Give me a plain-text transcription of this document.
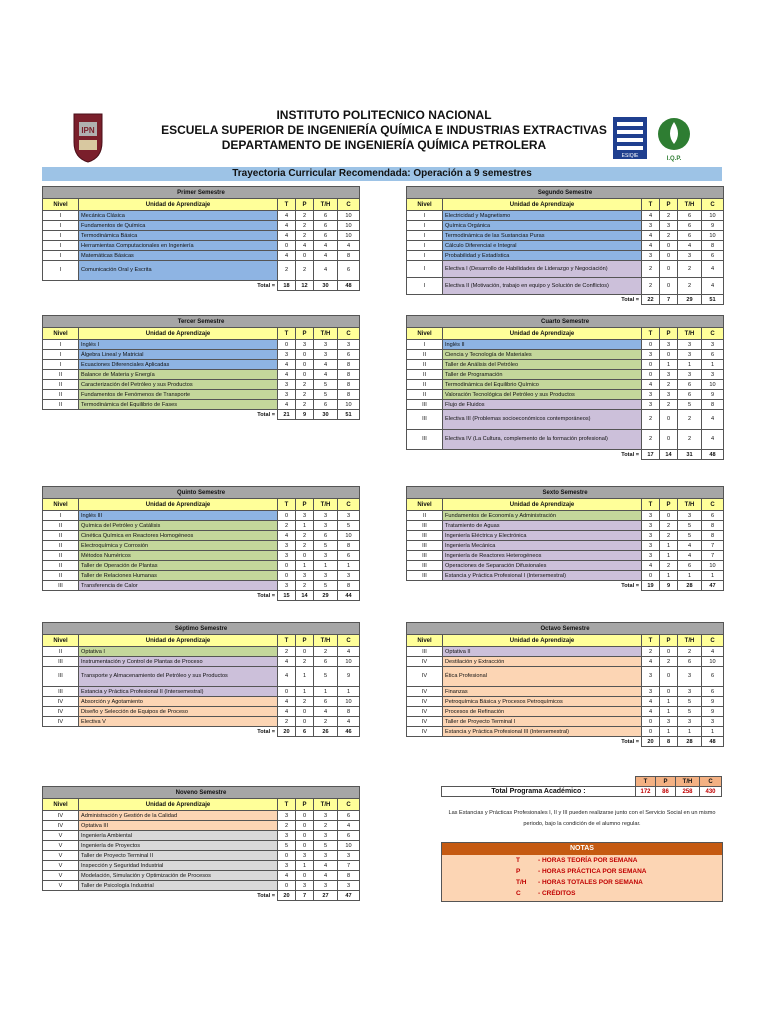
IPN
ESIQIE	I.Q.P.
INSTITUTO POLITECNICO NACIONAL
ESCUELA SUPERIOR DE INGENIERÍA QUÍMICA E INDUSTRIAS EXTRACTIVAS
DEPARTAMENTO DE INGENIERÍA QUÍMICA PETROLERA
Trayectoria Curricular Recomendada: Operación a 9 semestres
Primer Semestre					
Nivel	Unidad de Aprendizaje	T	P	T/H	C
I	Mecánica Clásica	4	2	6	10
I	Fundamentos de Química	4	2	6	10
I	Termodinámica Básica	4	2	6	10
I	Herramientas Computacionales en Ingeniería	0	4	4	4
I	Matemáticas Básicas	4	0	4	8
I	Comunicación Oral y Escrita	2	2	4	6
	Total =	18	12	30	48
Segundo Semestre					
Nivel	Unidad de Aprendizaje	T	P	T/H	C
I	Electricidad y Magnetismo	4	2	6	10
I	Química Orgánica	3	3	6	9
I	Termodinámica de las Sustancias Puras	4	2	6	10
I	Cálculo Diferencial e Integral	4	0	4	8
I	Probabilidad y Estadística	3	0	3	6
I	Electiva I (Desarrollo de Habilidades de Liderazgo y Negociación)	2	0	2	4
I	Electiva II (Motivación, trabajo en equipo y Solución de Conflictos)	2	0	2	4
	Total =	22	7	29	51
Tercer Semestre					
Nivel	Unidad de Aprendizaje	T	P	T/H	C
I	Inglés I	0	3	3	3
I	Álgebra Lineal y Matricial	3	0	3	6
I	Ecuaciones Diferenciales Aplicadas	4	0	4	8
II	Balance de Materia y Energía	4	0	4	8
II	Caracterización del Petróleo y sus Productos	3	2	5	8
II	Fundamentos de Fenómenos de Transporte	3	2	5	8
II	Termodinámica del Equilibrio de Fases	4	2	6	10
	Total =	21	9	30	51
Cuarto Semestre					
Nivel	Unidad de Aprendizaje	T	P	T/H	C
I	Inglés II	0	3	3	3
II	Ciencia y Tecnología de Materiales	3	0	3	6
II	Taller de Análisis del Petróleo	0	1	1	1
II	Taller de Programación	0	3	3	3
II	Termodinámica del Equilibrio Químico	4	2	6	10
II	Valoración Tecnológica del Petróleo y sus Productos	3	3	6	9
III	Flujo de Fluidos	3	2	5	8
III	Electiva III (Problemas socioeconómicos contemporáneos)	2	0	2	4
III	Electiva IV (La Cultura, complemento de la formación profesional)	2	0	2	4
	Total =	17	14	31	48
Quinto Semestre					
Nivel	Unidad de Aprendizaje	T	P	T/H	C
I	Inglés III	0	3	3	3
II	Química del Petróleo y Catálisis	2	1	3	5
II	Cinética Química en Reactores Homogéneos	4	2	6	10
II	Electroquímica y Corrosión	3	2	5	8
II	Métodos Numéricos	3	0	3	6
II	Taller de Operación de Plantas	0	1	1	1
II	Taller de Relaciones Humanas	0	3	3	3
III	Transferencia de Calor	3	2	5	8
	Total =	15	14	29	44
Sexto Semestre					
Nivel	Unidad de Aprendizaje	T	P	T/H	C
II	Fundamentos de Economía y Administración	3	0	3	6
III	Tratamiento de Aguas	3	2	5	8
III	Ingeniería Eléctrica y Electrónica	3	2	5	8
III	Ingeniería Mecánica	3	1	4	7
III	Ingeniería de Reactores Heterogéneos	3	1	4	7
III	Operaciones de Separación Difusionales	4	2	6	10
III	Estancia y Práctica Profesional I (Intersemestral)	0	1	1	1
	Total =	19	9	28	47
Séptimo Semestre					
Nivel	Unidad de Aprendizaje	T	P	T/H	C
II	Optativa I	2	0	2	4
III	Instrumentación y Control de Plantas de Proceso	4	2	6	10
III	Transporte y Almacenamiento del Petróleo y sus Productos	4	1	5	9
III	Estancia y Práctica Profesional II (Intersemestral)	0	1	1	1
IV	Absorción y Agotamiento	4	2	6	10
IV	Diseño y Selección de Equipos de Proceso	4	0	4	8
IV	Electiva V	2	0	2	4
	Total =	20	6	26	46
Octavo Semestre					
Nivel	Unidad de Aprendizaje	T	P	T/H	C
III	Optativa II	2	0	2	4
IV	Destilación y Extracción	4	2	6	10
IV	Ética Profesional	3	0	3	6
IV	Finanzas	3	0	3	6
IV	Petroquímica Básica y Procesos Petroquímicos	4	1	5	9
IV	Procesos de Refinación	4	1	5	9
IV	Taller de Proyecto Terminal I	0	3	3	3
IV	Estancia y Práctica Profesional III (Intersemestral)	0	1	1	1
	Total =	20	8	28	48
Noveno Semestre					
Nivel	Unidad de Aprendizaje	T	P	T/H	C
IV	Administración y Gestión de la Calidad	3	0	3	6
IV	Optativa III	2	0	2	4
V	Ingeniería Ambiental	3	0	3	6
V	Ingeniería de Proyectos	5	0	5	10
V	Taller de Proyecto Terminal II	0	3	3	3
V	Inspección y Seguridad Industrial	3	1	4	7
V	Modelación, Simulación y Optimización de Procesos	4	0	4	8
V	Taller de Psicología Industrial	0	3	3	3
	Total =	20	7	27	47
	T	P	T/H	C
Total Programa Académico :	172	86	258	430
Las Estancias y Prácticas Profesionales I, II y III pueden realizarse junto con el Servicio Social en un mismo periodo, bajo la condición de el alumno regular.
NOTAS
T	- HORAS TEORÍA POR SEMANA
P	- HORAS PRÁCTICA POR SEMANA
T/H - HORAS TOTALES POR SEMANA
C	- CRÉDITOS
